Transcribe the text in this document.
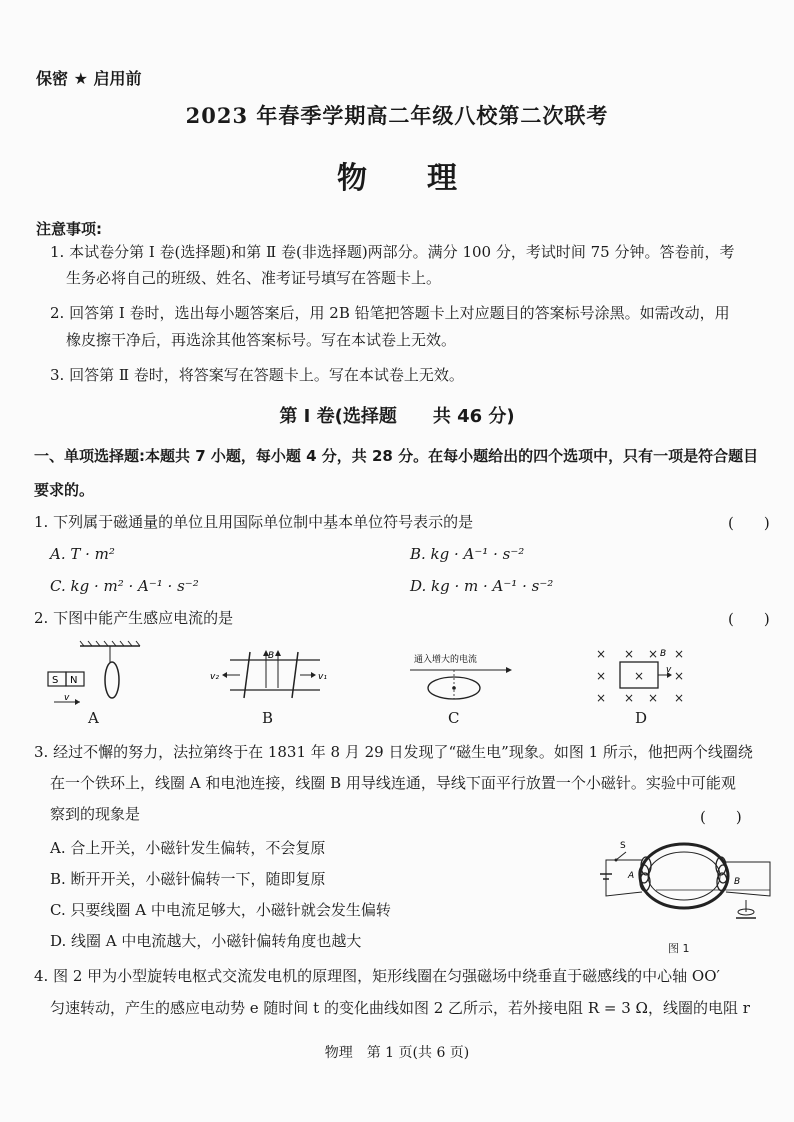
保密 ★ 启用前
2023 年春季学期高二年级八校第二次联考
物　　理
注意事项:
1. 本试卷分第 Ⅰ 卷(选择题)和第 Ⅱ 卷(非选择题)两部分。满分 100 分，考试时间 75 分钟。答卷前，考
生务必将自己的班级、姓名、准考证号填写在答题卡上。
2. 回答第 Ⅰ 卷时，选出每小题答案后，用 2B 铅笔把答题卡上对应题目的答案标号涂黑。如需改动，用
橡皮擦干净后，再选涂其他答案标号。写在本试卷上无效。
3. 回答第 Ⅱ 卷时，将答案写在答题卡上。写在本试卷上无效。
第 Ⅰ 卷(选择题　　共 46 分)
一、单项选择题:本题共 7 小题，每小题 4 分，共 28 分。在每小题给出的四个选项中，只有一项是符合题目
要求的。
1. 下列属于磁通量的单位且用国际单位制中基本单位符号表示的是	(　　)
A. T · m²	B. kg · A⁻¹ · s⁻²
C. kg · m² · A⁻¹ · s⁻²	D. kg · m · A⁻¹ · s⁻²
2. 下图中能产生感应电流的是	(　　)
S N
v
A
B
v₂	v₁
B
通入增大的电流
C
× × × ×
×	×
× × × ×
×
B
v
D
3. 经过不懈的努力，法拉第终于在 1831 年 8 月 29 日发现了“磁生电”现象。如图 1 所示，他把两个线圈绕
在一个铁环上，线圈 A 和电池连接，线圈 B 用导线连通，导线下面平行放置一个小磁针。实验中可能观
察到的现象是	(　　)
A. 合上开关，小磁针发生偏转，不会复原
B. 断开开关，小磁针偏转一下，随即复原
C. 只要线圈 A 中电流足够大，小磁针就会发生偏转
D. 线圈 A 中电流越大，小磁针偏转角度也越大
S
A
B
图 1
4. 图 2 甲为小型旋转电枢式交流发电机的原理图，矩形线圈在匀强磁场中绕垂直于磁感线的中心轴 OO′
匀速转动，产生的感应电动势 e 随时间 t 的变化曲线如图 2 乙所示，若外接电阻 R = 3 Ω，线圈的电阻 r
物理　第 1 页(共 6 页)
